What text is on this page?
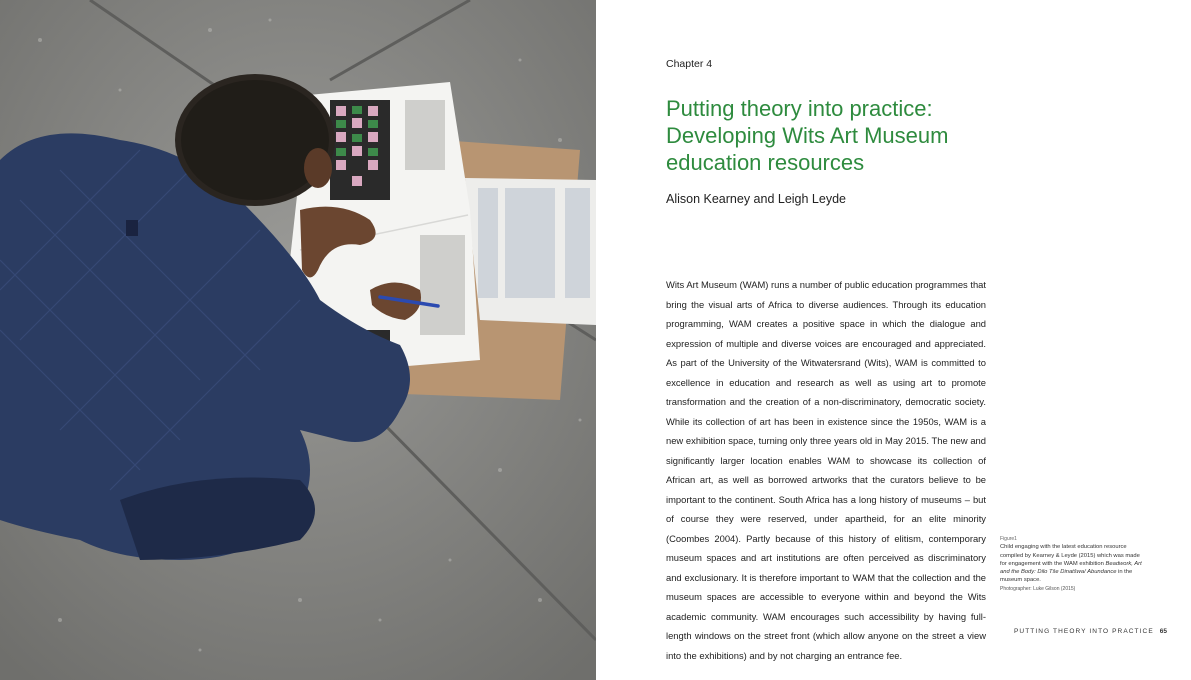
Chapter 4
Putting theory into practice:
Developing Wits Art Museum
education resources
Alison Kearney and Leigh Leyde

Wits Art Museum (WAM) runs a number of public education programmes that bring the visual arts of Africa to diverse audiences. Through its education programming, WAM creates a positive space in which the dialogue and expression of multiple and diverse voices are encouraged and appreciated. As part of the University of the Witwatersrand (Wits), WAM is committed to excellence in education and research as well as using art to promote transformation and the creation of a non-discriminatory, democratic society. While its collection of art has been in existence since the 1950s, WAM is a new exhibition space, turning only three years old in May 2015. The new and significantly larger location enables WAM to showcase its collection of African art, as well as borrowed artworks that the curators believe to be important to the continent. South Africa has a long history of museums – but of course they were reserved, under apartheid, for an elite minority (Coombes 2004). Partly because of this history of elitism, contemporary museum spaces and art institutions are often perceived as discriminatory and exclusionary. It is therefore important to WAM that the collection and the museum spaces are accessible to everyone within and beyond the Wits academic community. WAM encourages such accessibility by having full-length windows on the street front (which allow anyone on the street a view into the exhibitions) and by not charging an entrance fee.

Figure1
Child engaging with the latest education resource compiled by Kearney & Leyde (2015) which was made for engagement with the WAM exhibition Beadwork, Art and the Body: Dilo Tše Dinatšwa/ Abundance in the museum space.
Photographer: Luke Gilson (2015)
PUTTING THEORY INTO PRACTICE 65
